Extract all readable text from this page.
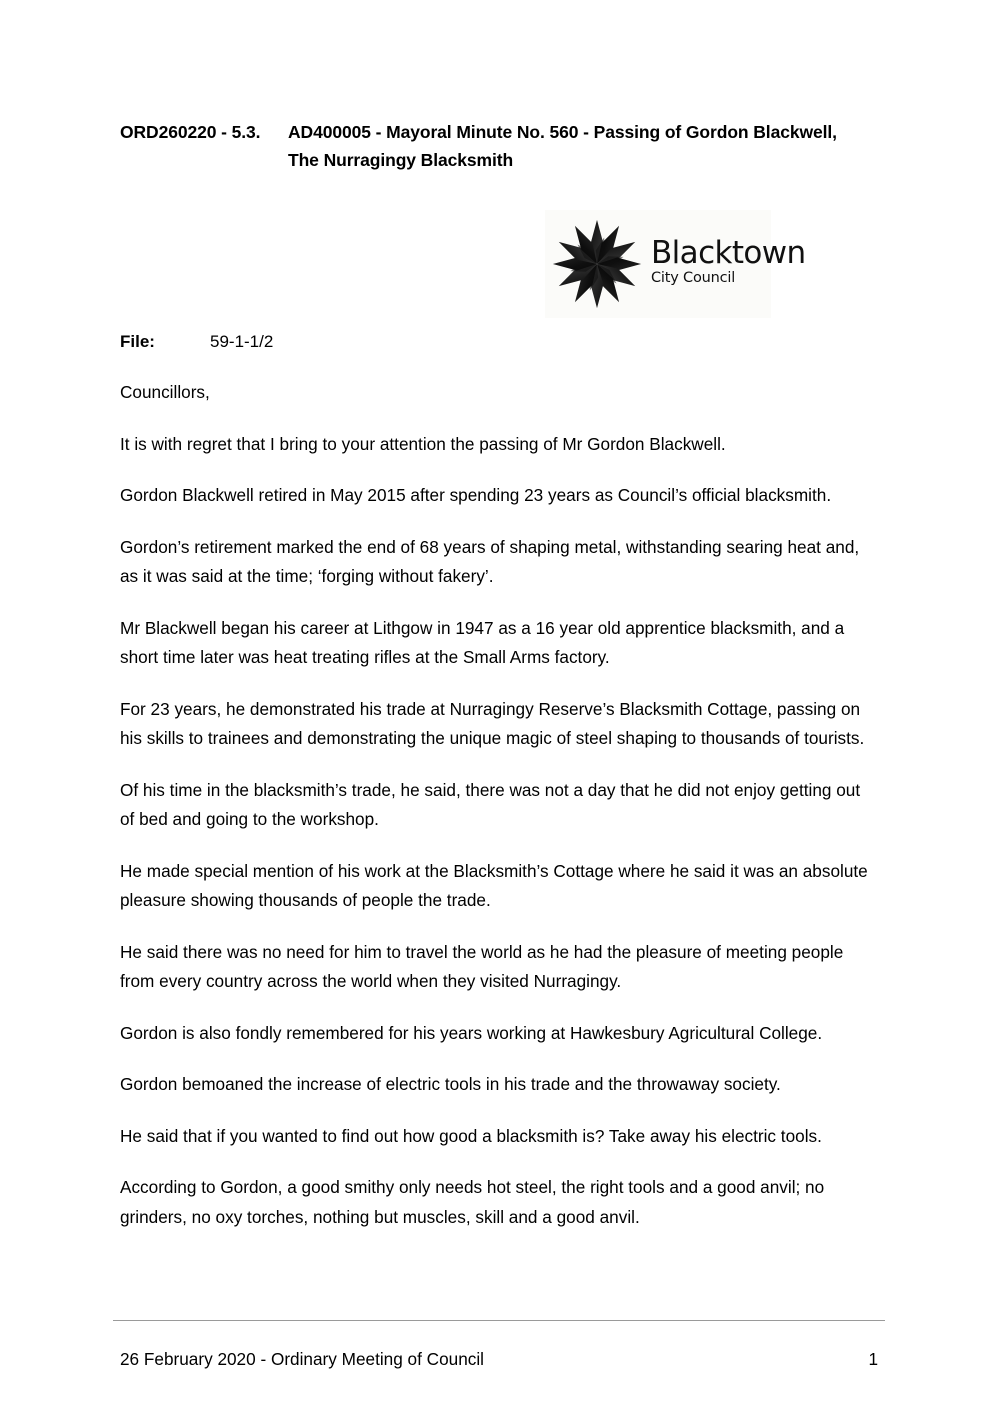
ORD260220 - 5.3. AD400005 - Mayoral Minute No. 560 - Passing of Gordon Blackwell, The Nurragingy Blacksmith
Blacktown
City Council
File:	59-1-1/2

Councillors,

It is with regret that I bring to your attention the passing of Mr Gordon Blackwell.

Gordon Blackwell retired in May 2015 after spending 23 years as Council’s official blacksmith.

Gordon’s retirement marked the end of 68 years of shaping metal, withstanding searing heat and, as it was said at the time; ‘forging without fakery’.

Mr Blackwell began his career at Lithgow in 1947 as a 16 year old apprentice blacksmith, and a short time later was heat treating rifles at the Small Arms factory.

For 23 years, he demonstrated his trade at Nurragingy Reserve’s Blacksmith Cottage, passing on his skills to trainees and demonstrating the unique magic of steel shaping to thousands of tourists.

Of his time in the blacksmith’s trade, he said, there was not a day that he did not enjoy getting out of bed and going to the workshop.

He made special mention of his work at the Blacksmith’s Cottage where he said it was an absolute pleasure showing thousands of people the trade.

He said there was no need for him to travel the world as he had the pleasure of meeting people from every country across the world when they visited Nurragingy.

Gordon is also fondly remembered for his years working at Hawkesbury Agricultural College.

Gordon bemoaned the increase of electric tools in his trade and the throwaway society.

He said that if you wanted to find out how good a blacksmith is? Take away his electric tools.

According to Gordon, a good smithy only needs hot steel, the right tools and a good anvil; no grinders, no oxy torches, nothing but muscles, skill and a good anvil.

26 February 2020 - Ordinary Meeting of Council	1
